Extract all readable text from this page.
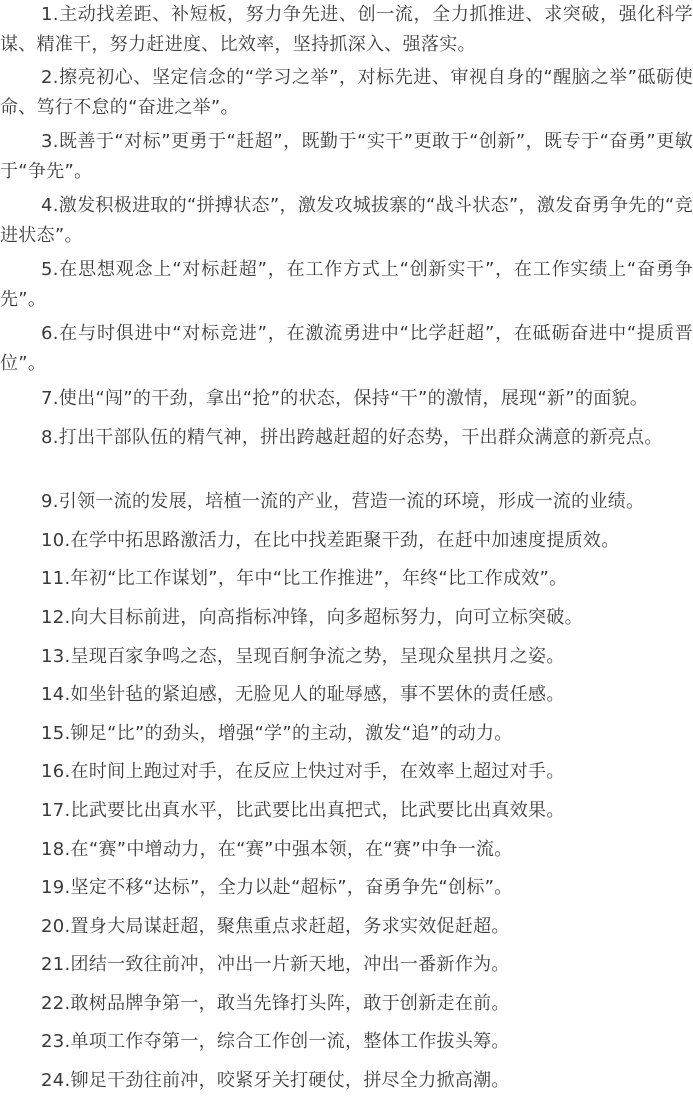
1.主动找差距、补短板，努力争先进、创一流，全力抓推进、求突破，强化科学谋、精准干，努力赶进度、比效率，坚持抓深入、强落实。

2.擦亮初心、坚定信念的“学习之举”，对标先进、审视自身的“醒脑之举”砥砺使命、笃行不怠的“奋进之举”。

3.既善于“对标”更勇于“赶超”，既勤于“实干”更敢于“创新”，既专于“奋勇”更敏于“争先”。

4.激发积极进取的“拼搏状态”，激发攻城拔寨的“战斗状态”，激发奋勇争先的“竞进状态”。

5.在思想观念上“对标赶超”，在工作方式上“创新实干”，在工作实绩上“奋勇争先”。

6.在与时俱进中“对标竞进”，在激流勇进中“比学赶超”，在砥砺奋进中“提质晋位”。

7.使出“闯”的干劲，拿出“抢”的状态，保持“干”的激情，展现“新”的面貌。

8.打出干部队伍的精气神，拼出跨越赶超的好态势，干出群众满意的新亮点。

9.引领一流的发展，培植一流的产业，营造一流的环境，形成一流的业绩。

10.在学中拓思路激活力，在比中找差距聚干劲，在赶中加速度提质效。

11.年初“比工作谋划”，年中“比工作推进”，年终“比工作成效”。

12.向大目标前进，向高指标冲锋，向多超标努力，向可立标突破。

13.呈现百家争鸣之态，呈现百舸争流之势，呈现众星拱月之姿。

14.如坐针毡的紧迫感，无脸见人的耻辱感，事不罢休的责任感。

15.铆足“比”的劲头，增强“学”的主动，激发“追”的动力。

16.在时间上跑过对手，在反应上快过对手，在效率上超过对手。

17.比武要比出真水平，比武要比出真把式，比武要比出真效果。

18.在“赛”中增动力，在“赛”中强本领，在“赛”中争一流。

19.坚定不移“达标”，全力以赴“超标”，奋勇争先“创标”。

20.置身大局谋赶超，聚焦重点求赶超，务求实效促赶超。

21.团结一致往前冲，冲出一片新天地，冲出一番新作为。

22.敢树品牌争第一，敢当先锋打头阵，敢于创新走在前。

23.单项工作夺第一，综合工作创一流，整体工作拔头筹。

24.铆足干劲往前冲，咬紧牙关打硬仗，拼尽全力掀高潮。
